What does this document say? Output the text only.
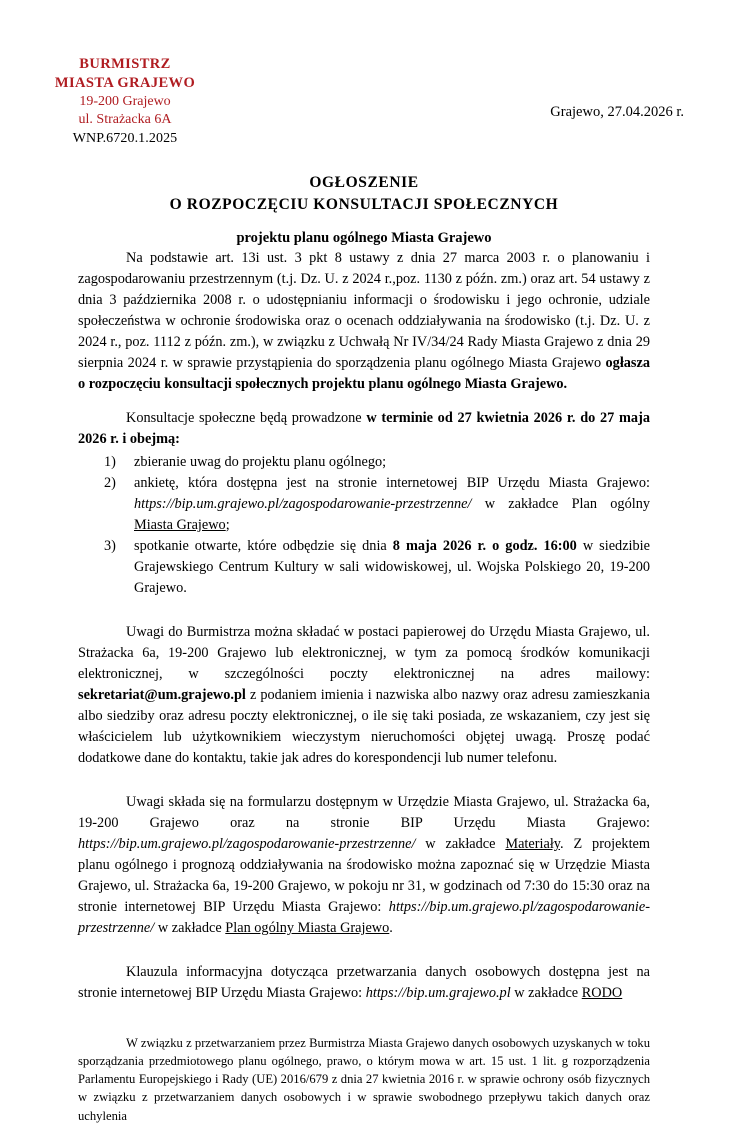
BURMISTRZ
MIASTA GRAJEWO
19-200 Grajewo
ul. Strażacka 6A
WNP.6720.1.2025
Grajewo, 27.04.2026 r.
OGŁOSZENIE
O ROZPOCZĘCIU KONSULTACJI SPOŁECZNYCH
projektu planu ogólnego Miasta Grajewo

Na podstawie art. 13i ust. 3 pkt 8 ustawy z dnia 27 marca 2003 r. o planowaniu i zagospodarowaniu przestrzennym (t.j. Dz. U. z 2024 r.,poz. 1130 z późn. zm.) oraz art. 54 ustawy z dnia 3 października 2008 r. o udostępnianiu informacji o środowisku i jego ochronie, udziale społeczeństwa w ochronie środowiska oraz o ocenach oddziaływania na środowisko (t.j. Dz. U. z 2024 r., poz. 1112 z późn. zm.), w związku z Uchwałą Nr IV/34/24 Rady Miasta Grajewo z dnia 29 sierpnia 2024 r. w sprawie przystąpienia do sporządzenia planu ogólnego Miasta Grajewo ogłasza o rozpoczęciu konsultacji społecznych projektu planu ogólnego Miasta Grajewo.

Konsultacje społeczne będą prowadzone w terminie od 27 kwietnia 2026 r. do 27 maja 2026 r. i obejmą:

zbieranie uwag do projektu planu ogólnego;
ankietę, która dostępna jest na stronie internetowej BIP Urzędu Miasta Grajewo: https://bip.um.grajewo.pl/zagospodarowanie-przestrzenne/ w zakładce Plan ogólny Miasta Grajewo;
spotkanie otwarte, które odbędzie się dnia 8 maja 2026 r. o godz. 16:00 w siedzibie Grajewskiego Centrum Kultury w sali widowiskowej, ul. Wojska Polskiego 20, 19-200 Grajewo.

Uwagi do Burmistrza można składać w postaci papierowej do Urzędu Miasta Grajewo, ul. Strażacka 6a, 19-200 Grajewo lub elektronicznej, w tym za pomocą środków komunikacji elektronicznej, w szczególności poczty elektronicznej na adres mailowy: sekretariat@um.grajewo.pl z podaniem imienia i nazwiska albo nazwy oraz adresu zamieszkania albo siedziby oraz adresu poczty elektronicznej, o ile się taki posiada, ze wskazaniem, czy jest się właścicielem lub użytkownikiem wieczystym nieruchomości objętej uwagą. Proszę podać dodatkowe dane do kontaktu, takie jak adres do korespondencji lub numer telefonu.

Uwagi składa się na formularzu dostępnym w Urzędzie Miasta Grajewo, ul. Strażacka 6a, 19-200 Grajewo oraz na stronie BIP Urzędu Miasta Grajewo: https://bip.um.grajewo.pl/zagospodarowanie-przestrzenne/ w zakładce Materiały. Z projektem planu ogólnego i prognozą oddziaływania na środowisko można zapoznać się w Urzędzie Miasta Grajewo, ul. Strażacka 6a, 19-200 Grajewo, w pokoju nr 31, w godzinach od 7:30 do 15:30 oraz na stronie internetowej BIP Urzędu Miasta Grajewo: https://bip.um.grajewo.pl/zagospodarowanie-przestrzenne/ w zakładce Plan ogólny Miasta Grajewo.

Klauzula informacyjna dotycząca przetwarzania danych osobowych dostępna jest na stronie internetowej BIP Urzędu Miasta Grajewo: https://bip.um.grajewo.pl w zakładce RODO

W związku z przetwarzaniem przez Burmistrza Miasta Grajewo danych osobowych uzyskanych w toku sporządzania przedmiotowego planu ogólnego, prawo, o którym mowa w art. 15 ust. 1 lit. g rozporządzenia Parlamentu Europejskiego i Rady (UE) 2016/679 z dnia 27 kwietnia 2016 r. w sprawie ochrony osób fizycznych w związku z przetwarzaniem danych osobowych i w sprawie swobodnego przepływu takich danych oraz uchylenia
